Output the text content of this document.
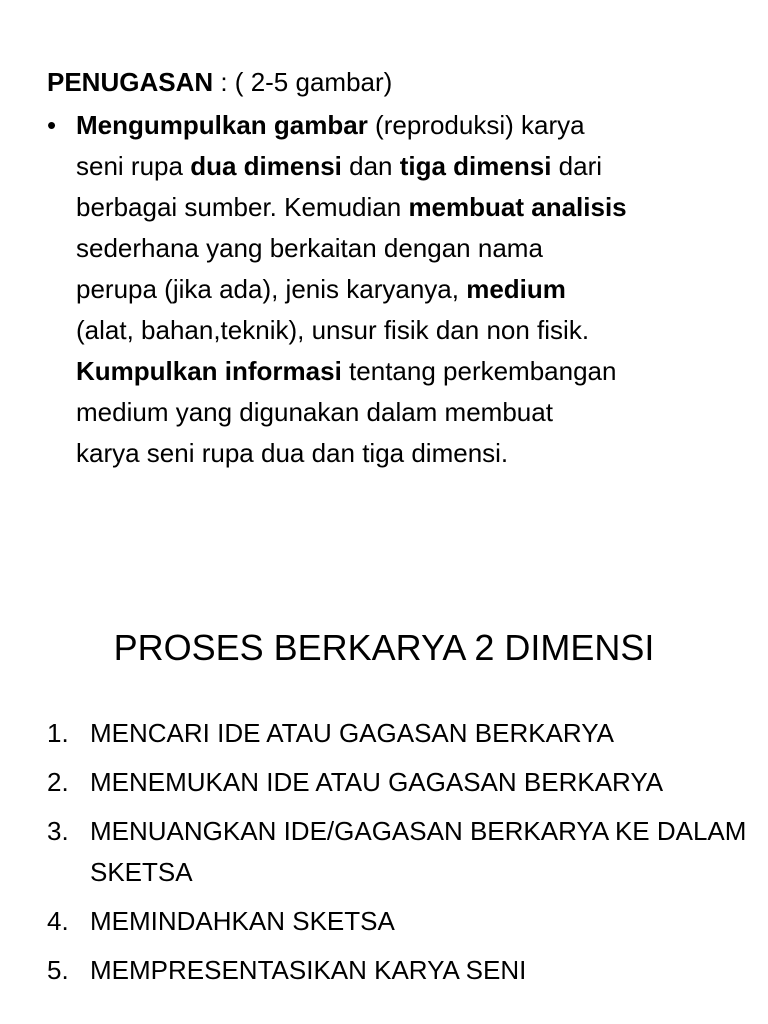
PENUGASAN : ( 2-5 gambar)
• Mengumpulkan gambar (reproduksi) karya
seni rupa dua dimensi dan tiga dimensi dari
berbagai sumber. Kemudian membuat analisis
sederhana yang berkaitan dengan nama
perupa (jika ada), jenis karyanya, medium
(alat, bahan,teknik), unsur fisik dan non fisik.
Kumpulkan informasi tentang perkembangan
medium yang digunakan dalam membuat
karya seni rupa dua dan tiga dimensi.
PROSES BERKARYA 2 DIMENSI
1. MENCARI IDE ATAU GAGASAN BERKARYA
2. MENEMUKAN IDE ATAU GAGASAN BERKARYA
3. MENUANGKAN IDE/GAGASAN BERKARYA KE DALAM SKETSA
4. MEMINDAHKAN SKETSA
5. MEMPRESENTASIKAN KARYA SENI
